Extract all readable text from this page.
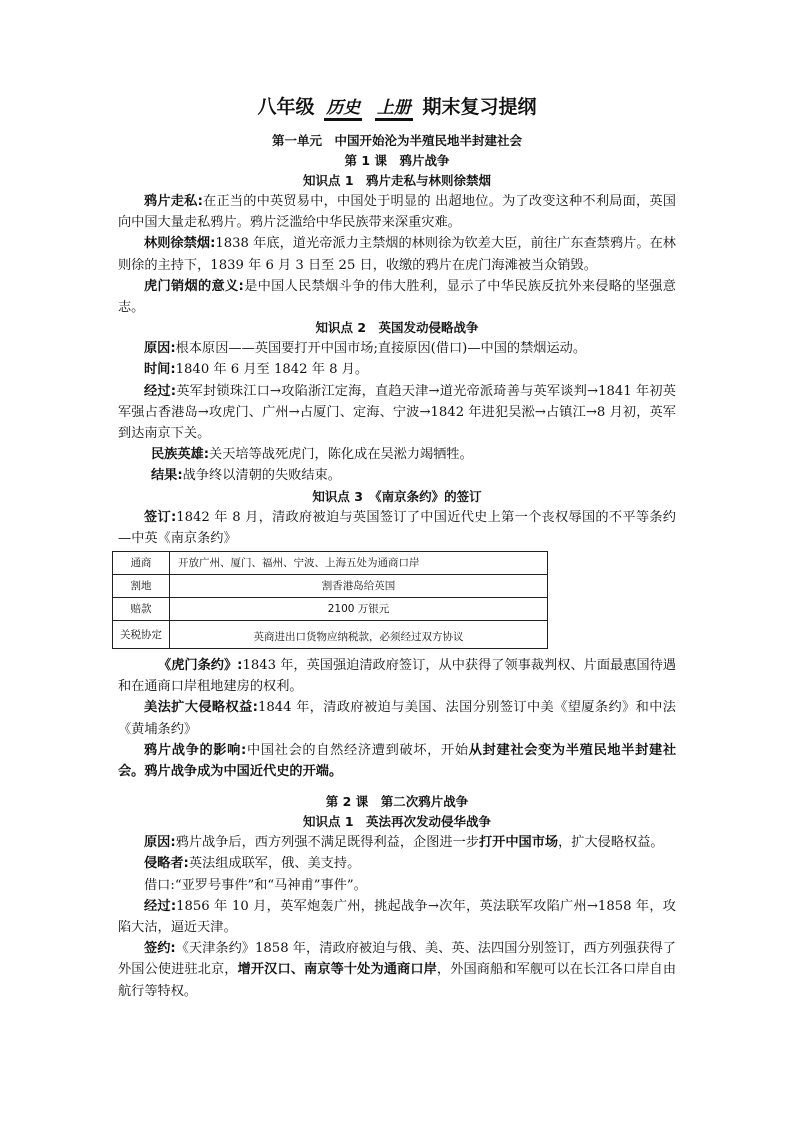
八年级 历史 上册 期末复习提纲
第一单元　中国开始沦为半殖民地半封建社会
第 1 课　鸦片战争
知识点 1　鸦片走私与林则徐禁烟

鸦片走私:在正当的中英贸易中，中国处于明显的 出超地位。为了改变这种不利局面，英国向中国大量走私鸦片。鸦片泛滥给中华民族带来深重灾难。

林则徐禁烟:1838 年底，道光帝派力主禁烟的林则徐为钦差大臣，前往广东查禁鸦片。在林则徐的主持下，1839 年 6 月 3 日至 25 日，收缴的鸦片在虎门海滩被当众销毁。

虎门销烟的意义:是中国人民禁烟斗争的伟大胜利，显示了中华民族反抗外来侵略的坚强意志。

知识点 2　英国发动侵略战争

原因:根本原因——英国要打开中国市场;直接原因(借口)—中国的禁烟运动。

时间:1840 年 6 月至 1842 年 8 月。

经过:英军封锁珠江口→攻陷浙江定海，直趋天津→道光帝派琦善与英军谈判→1841 年初英军强占香港岛→攻虎门、广州→占厦门、定海、宁波→1842 年进犯吴淞→占镇江→8 月初，英军到达南京下关。

民族英雄:关天培等战死虎门，陈化成在吴淞力竭牺牲。

结果:战争终以清朝的失败结束。

知识点 3　《南京条约》的签订

签订:1842 年 8 月，清政府被迫与英国签订了中国近代史上第一个丧权辱国的不平等条约—中英《南京条约》

通商	开放广州、厦门、福州、宁波、上海五处为通商口岸
割地	割香港岛给英国
赔款	2100 万银元
关税协定	英商进出口货物应纳税款，必须经过双方协议

《虎门条约》:1843 年，英国强迫清政府签订，从中获得了领事裁判权、片面最惠国待遇和在通商口岸租地建房的权利。

美法扩大侵略权益:1844 年，清政府被迫与美国、法国分别签订中美《望厦条约》和中法《黄埔条约》

鸦片战争的影响:中国社会的自然经济遭到破坏，开始从封建社会变为半殖民地半封建社会。鸦片战争成为中国近代史的开端。

第 2 课　第二次鸦片战争
知识点 1　英法再次发动侵华战争

原因:鸦片战争后，西方列强不满足既得利益，企图进一步打开中国市场，扩大侵略权益。

侵略者:英法组成联军，俄、美支持。

借口:“亚罗号事件”和“马神甫”事件”。

经过:1856 年 10 月，英军炮轰广州，挑起战争→次年，英法联军攻陷广州→1858 年，攻陷大沽，逼近天津。

签约:《天津条约》1858 年，清政府被迫与俄、美、英、法四国分别签订，西方列强获得了外国公使进驻北京，增开汉口、南京等十处为通商口岸，外国商船和军舰可以在长江各口岸自由航行等特权。
